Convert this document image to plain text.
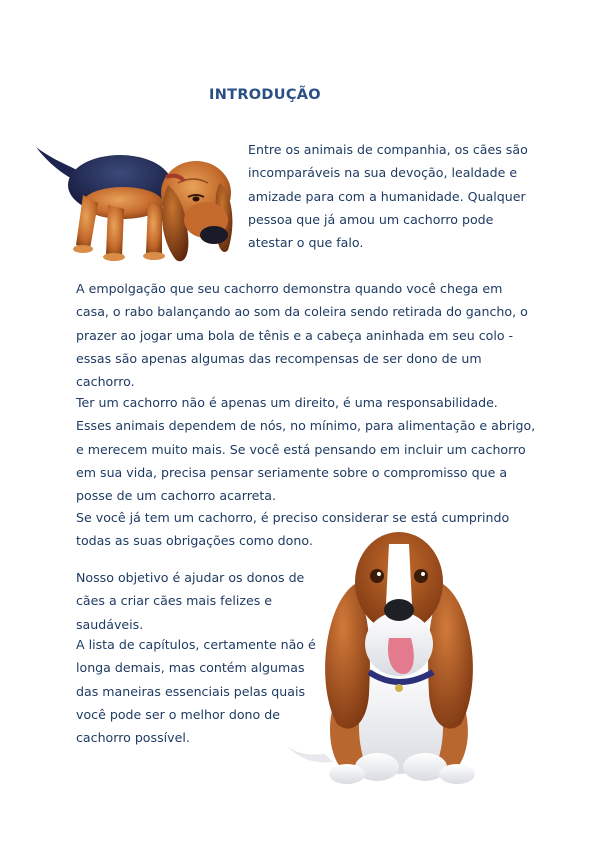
INTRODUÇÃO

Entre os animais de companhia, os cães são incomparáveis na sua devoção, lealdade e amizade para com a humanidade. Qualquer pessoa que já amou um cachorro pode atestar o que falo.

A empolgação que seu cachorro demonstra quando você chega em casa, o rabo balançando ao som da coleira sendo retirada do gancho, o prazer ao jogar uma bola de tênis e a cabeça aninhada em seu colo - essas são apenas algumas das recompensas de ser dono de um cachorro.

Ter um cachorro não é apenas um direito, é uma responsabilidade. Esses animais dependem de nós, no mínimo, para alimentação e abrigo, e merecem muito mais. Se você está pensando em incluir um cachorro em sua vida, precisa pensar seriamente sobre o compromisso que a posse de um cachorro acarreta.

Se você já tem um cachorro, é preciso considerar se está cumprindo todas as suas obrigações como dono.

Nosso objetivo é ajudar os donos de cães a criar cães mais felizes e saudáveis.

A lista de capítulos, certamente não é longa demais, mas contém algumas das maneiras essenciais pelas quais você pode ser o melhor dono de cachorro possível.
